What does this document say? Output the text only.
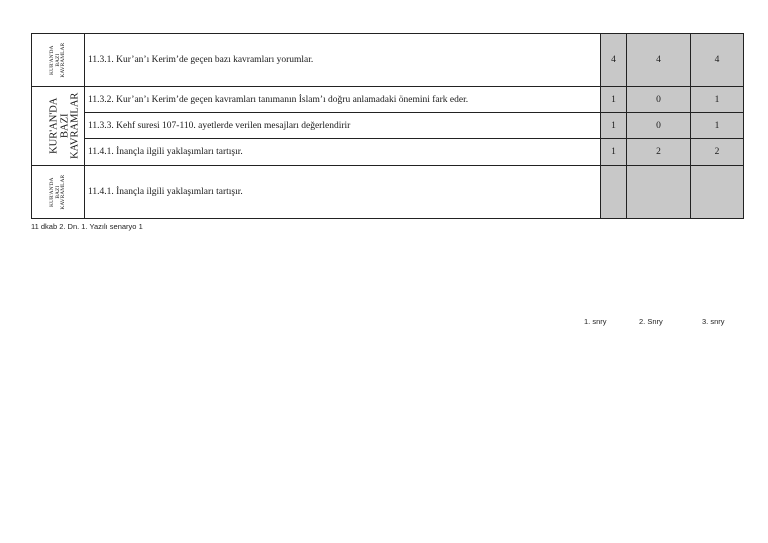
KUR'AN'DA
BAZI
KAVRAMLAR	11.3.1. Kur’an’ı Kerim’de geçen bazı kavramları yorumlar.	4	4	4
KUR'AN'DA
BAZI
KAVRAMLAR	11.3.2. Kur’an’ı Kerim’de geçen kavramları tanımanın İslam’ı doğru anlamadaki önemini fark eder.	1	0	1
	11.3.3. Kehf suresi 107-110. ayetlerde verilen mesajları değerlendirir	1	0	1
	11.4.1. İnançla ilgili yaklaşımları tartışır.	1	2	2
KUR'AN'DA
BAZI
KAVRAMLAR	11.4.1. İnançla ilgili yaklaşımları tartışır.			
11 dkab 2. Dn. 1. Yazılı senaryo 1
1. snry	2. Snry	3. snry
